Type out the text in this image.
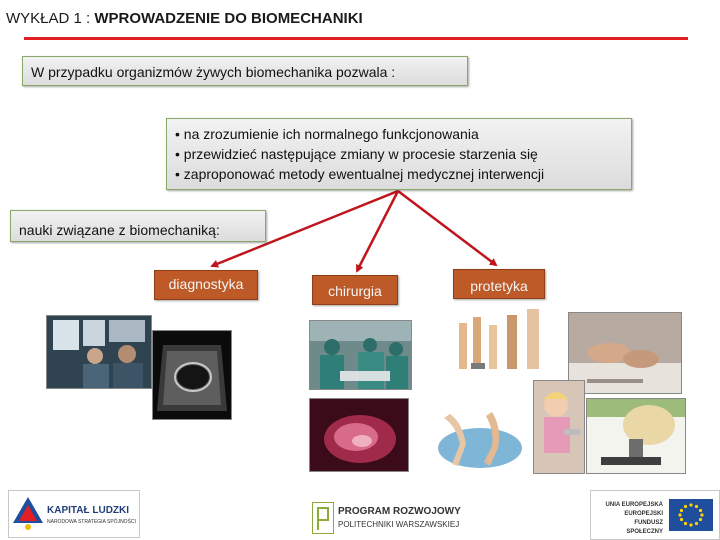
WYKŁAD 1 : WPROWADZENIE DO BIOMECHANIKI
W przypadku organizmów żywych biomechanika pozwala :
• na zrozumienie ich normalnego funkcjonowania
• przewidzieć następujące zmiany w procesie starzenia się
• zaproponować metody ewentualnej medycznej interwencji
nauki związane z biomechaniką:
diagnostyka	chirurgia	protetyka
KAPITAŁ LUDZKI
NARODOWA STRATEGIA SPÓJNOŚCI
PROGRAM ROZWOJOWY
POLITECHNIKI WARSZAWSKIEJ
UNIA EUROPEJSKA
EUROPEJSKI
FUNDUSZ SPOŁECZNY
